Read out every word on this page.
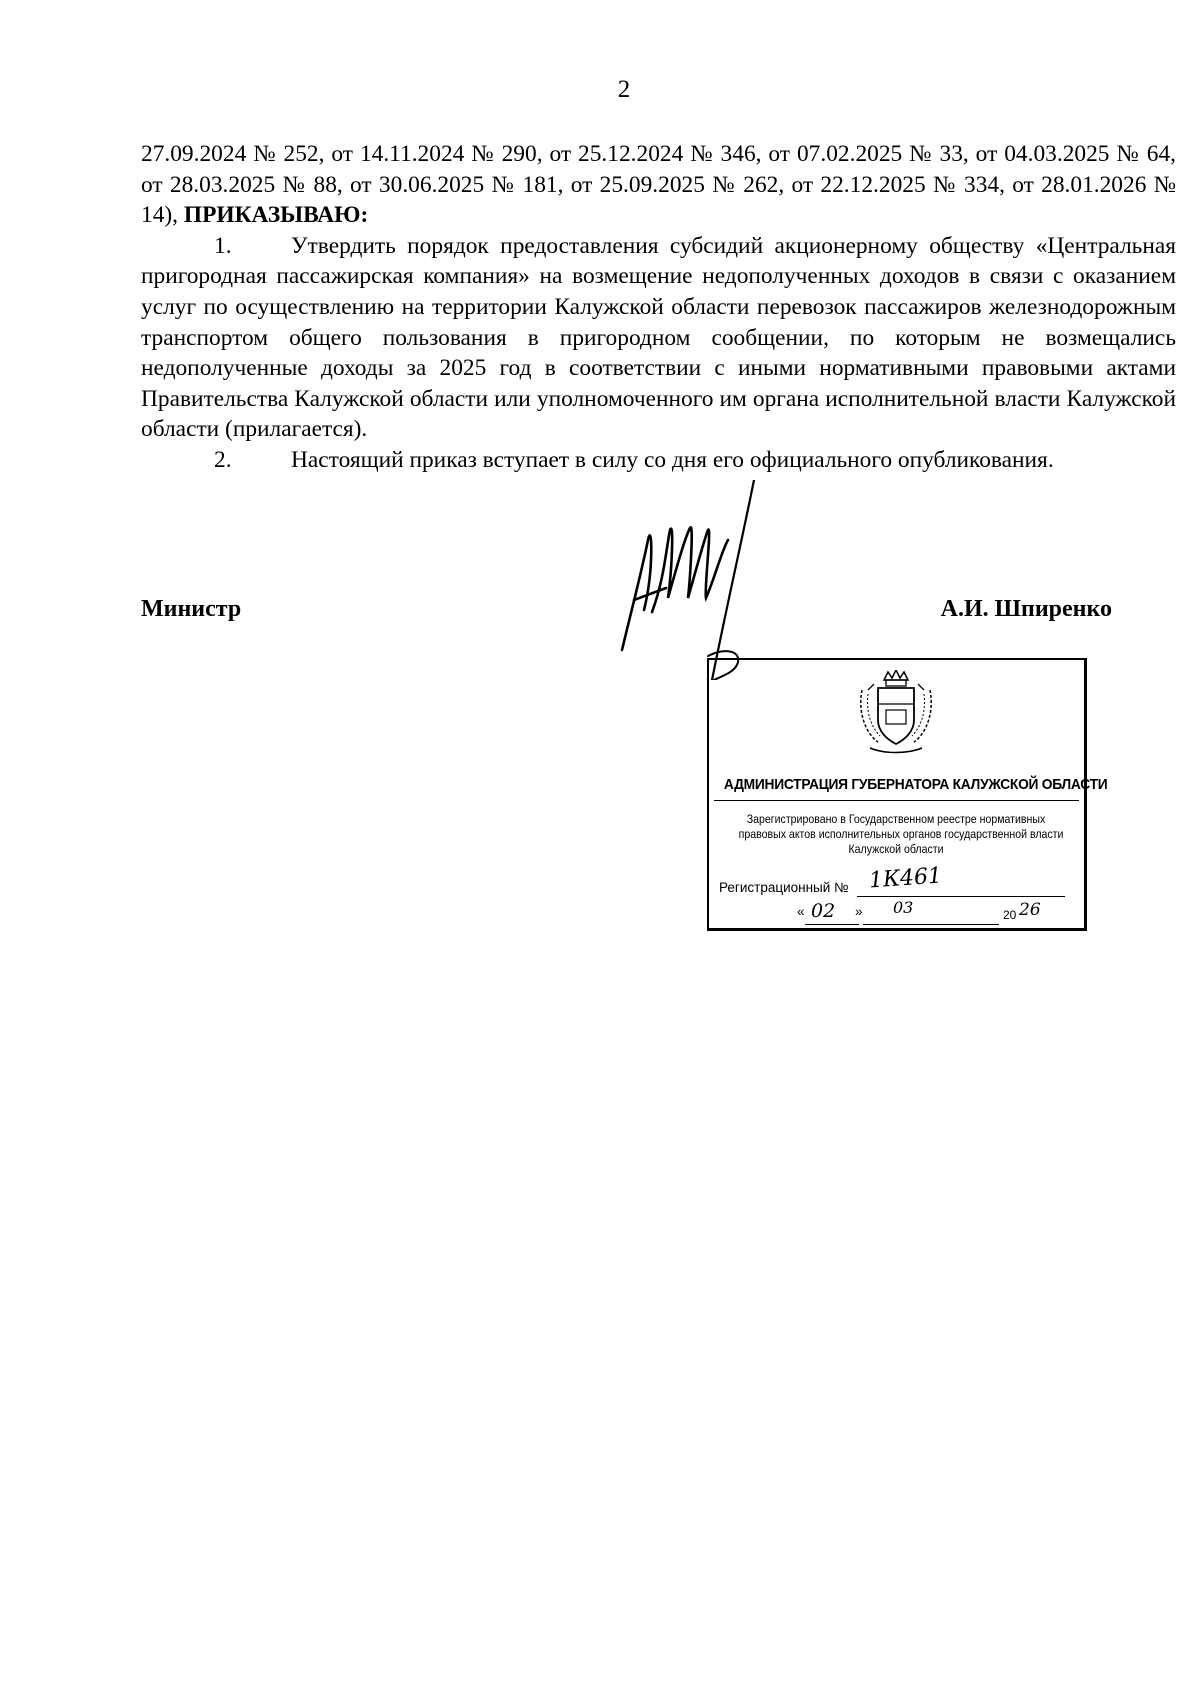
2

27.09.2024 № 252, от 14.11.2024 № 290, от 25.12.2024 № 346, от 07.02.2025 № 33, от 04.03.2025 № 64, от 28.03.2025 № 88, от 30.06.2025 № 181, от 25.09.2025 № 262, от 22.12.2025 № 334, от 28.01.2026 № 14), ПРИКАЗЫВАЮ:

1.	Утвердить порядок предоставления субсидий акционерному обществу «Центральная пригородная пассажирская компания» на возмещение недополученных доходов в связи с оказанием услуг по осуществлению на территории Калужской области перевозок пассажиров железнодорожным транспортом общего пользования в пригородном сообщении, по которым не возмещались недополученные доходы за 2025 год в соответствии с иными нормативными правовыми актами Правительства Калужской области или уполномоченного им органа исполнительной власти Калужской области (прилагается).

2.	Настоящий приказ вступает в силу со дня его официального опубликования.

Министр	А.И. Шпиренко
АДМИНИСТРАЦИЯ ГУБЕРНАТОРА КАЛУЖСКОЙ ОБЛАСТИ
Зарегистрировано в Государственном реестре нормативных
правовых актов исполнительных органов государственной власти
Калужской области
Регистрационный № 1К461
« 02 » 03	20 26
